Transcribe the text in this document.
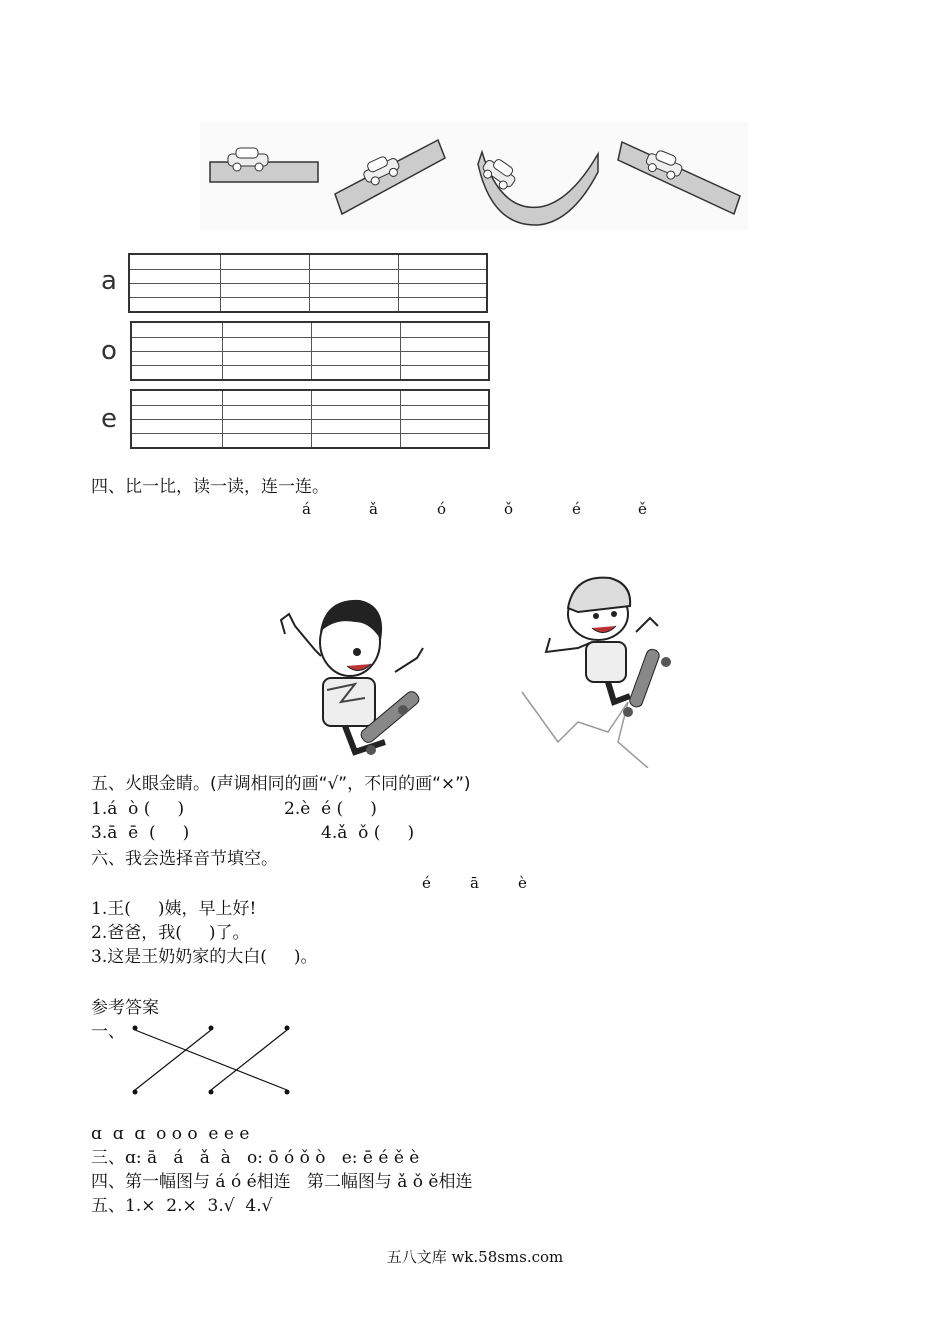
a
o
e
四、比一比，读一读，连一连。
á	ǎ	ó	ǒ	é	ě
五、火眼金睛。(声调相同的画“√”，不同的画“×”)
1.á  ò (     )	2.è  é (     )
3.ā  ē  (     )	4.ǎ  ǒ (     )
六、我会选择音节填空。
é	ā	è
1.王(     )姨，早上好!
2.爸爸，我(     )了。
3.这是王奶奶家的大白(     )。
参考答案
一、
ɑ  ɑ  ɑ  o o o  e e e
三、ɑ: ā   á   ǎ  à   o: ō ó ǒ ò   e: ē é ě è
四、第一幅图与 á ó é相连   第二幅图与 ǎ ǒ ě相连
五、1.×  2.×  3.√  4.√
五八文库 wk.58sms.com
